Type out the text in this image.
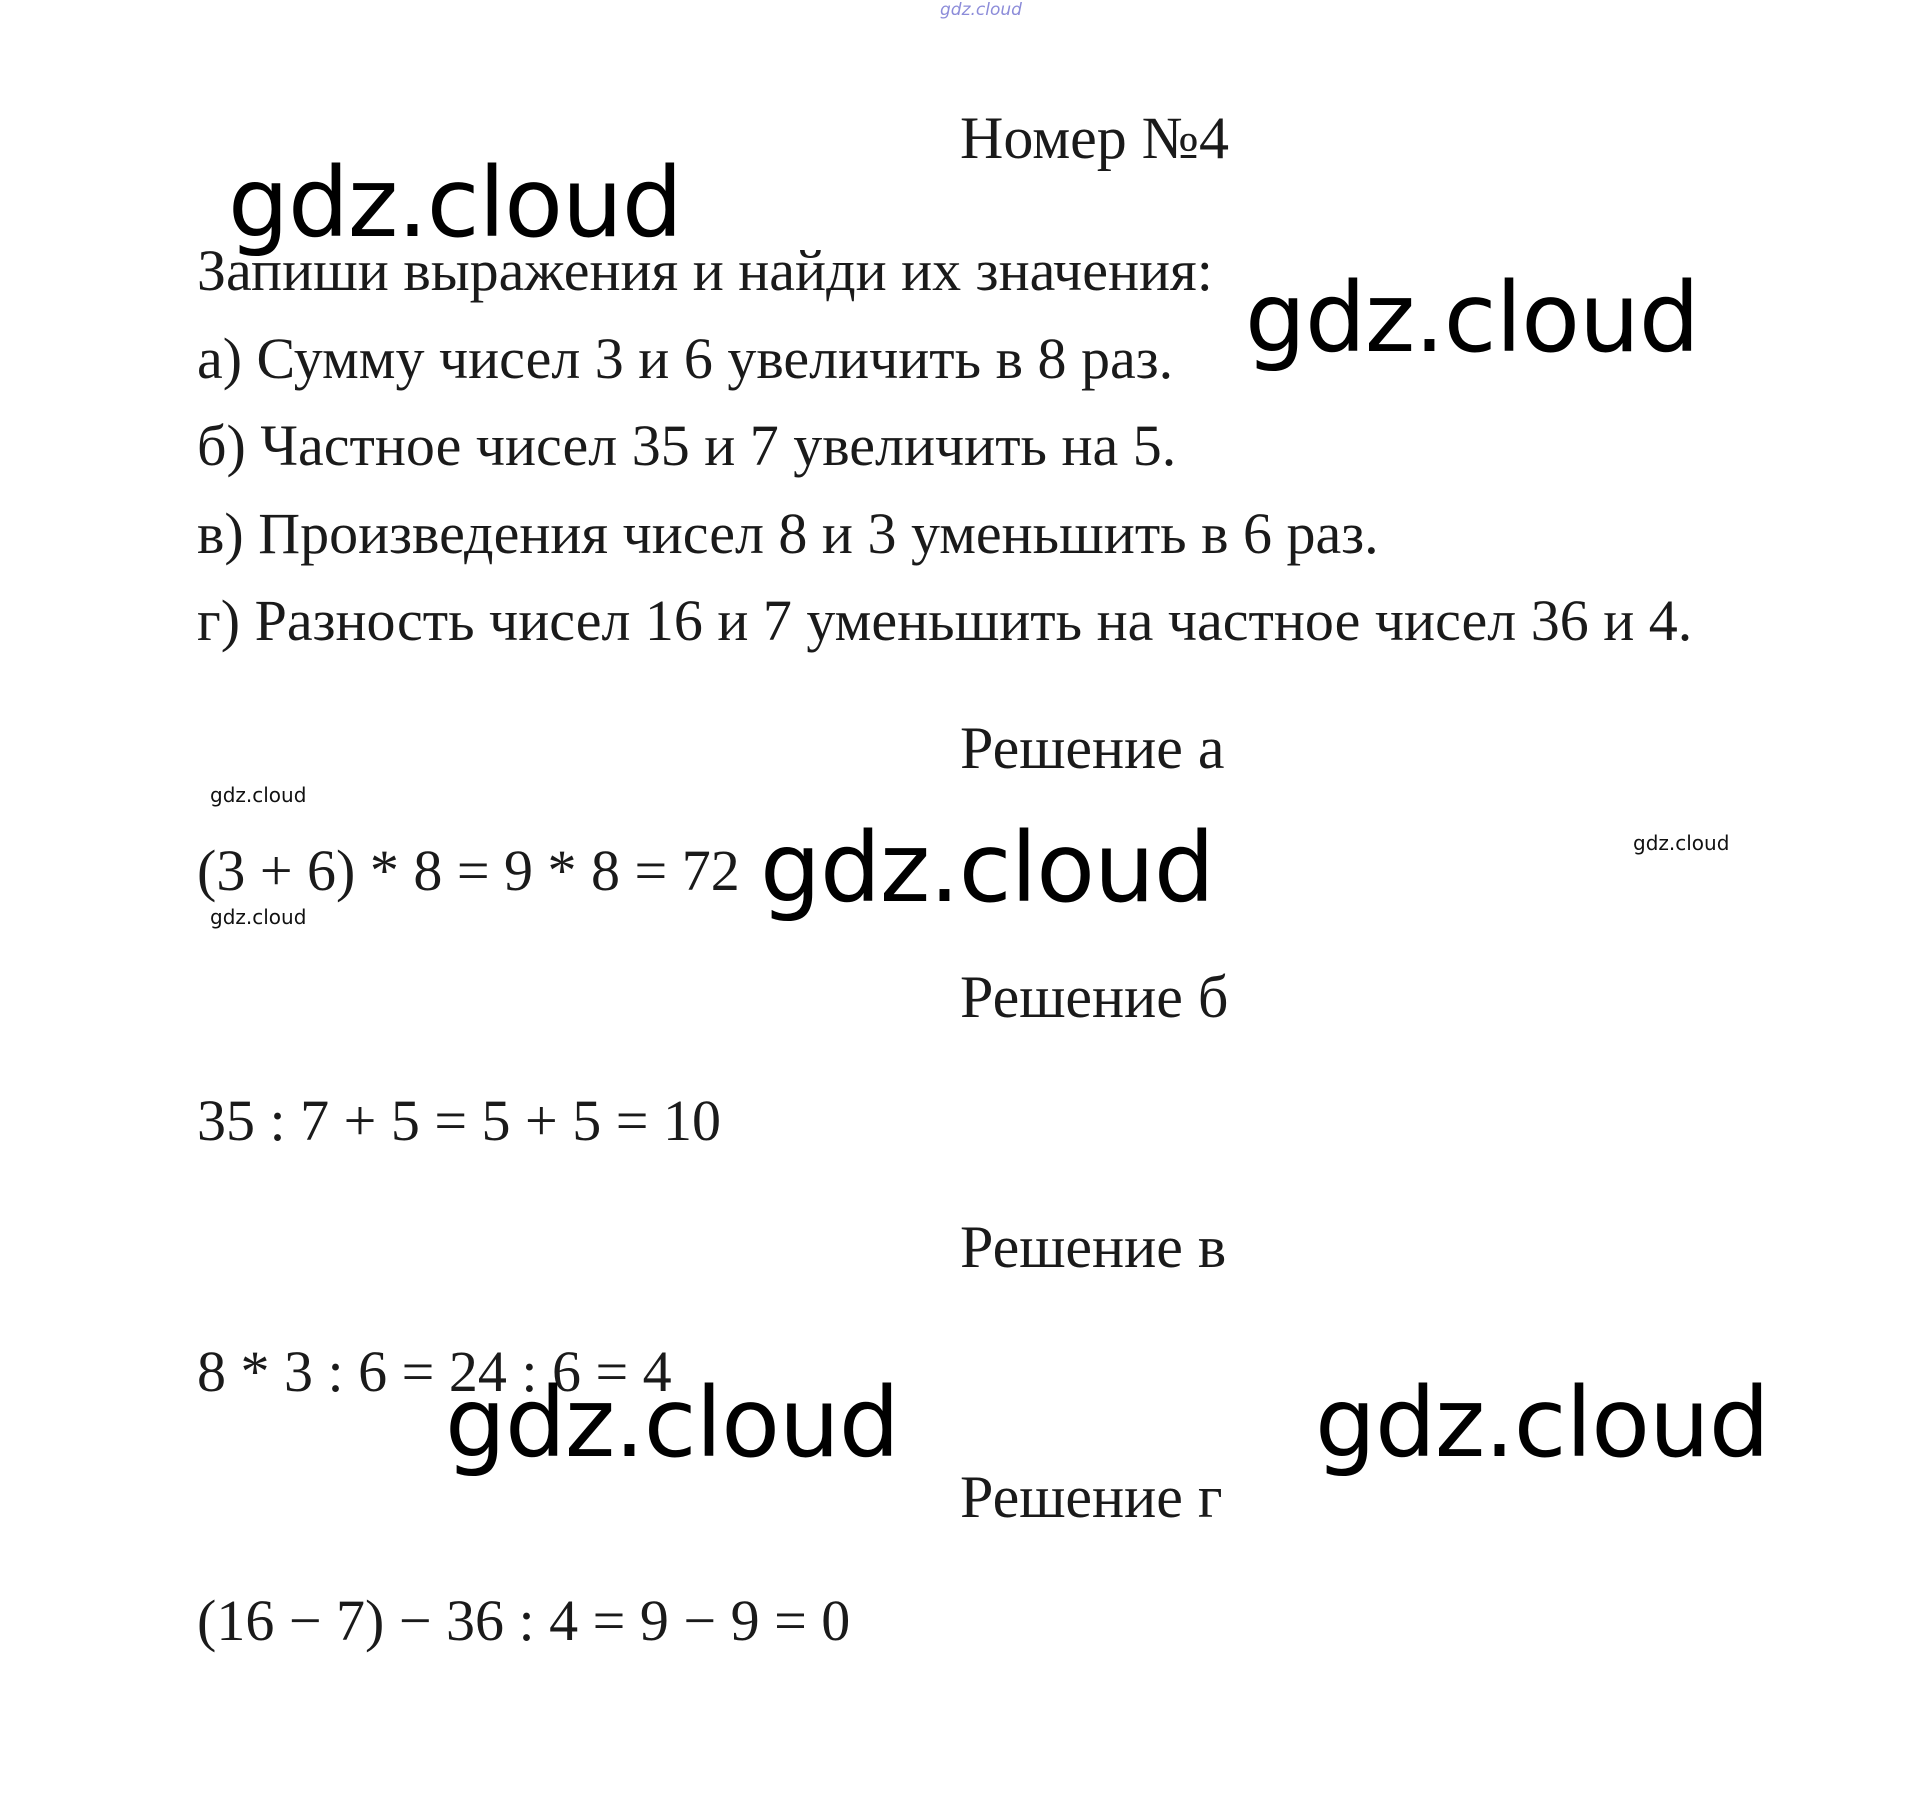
gdz.cloud

Номер №4

gdz.cloud

Запиши выражения и найди их значения: gdz.cloud

а) Сумму чисел 3 и 6 увеличить в 8 раз.

б) Частное чисел 35 и 7 увеличить на 5.

в) Произведения чисел 8 и 3 уменьшить в 6 раз.

г) Разность чисел 16 и 7 уменьшить на частное чисел 36 и 4.

Решение а

gdz.cloud

(3 + 6) * 8 = 9 * 8 = 72 gdz.cloud	gdz.cloud

gdz.cloud

Решение б

35 : 7 + 5 = 5 + 5 = 10

Решение в

8 * 3 : 6 = 24 : 6 = 4

gdz.cloud	gdz.cloud

Решение г

(16 − 7) − 36 : 4 = 9 − 9 = 0
